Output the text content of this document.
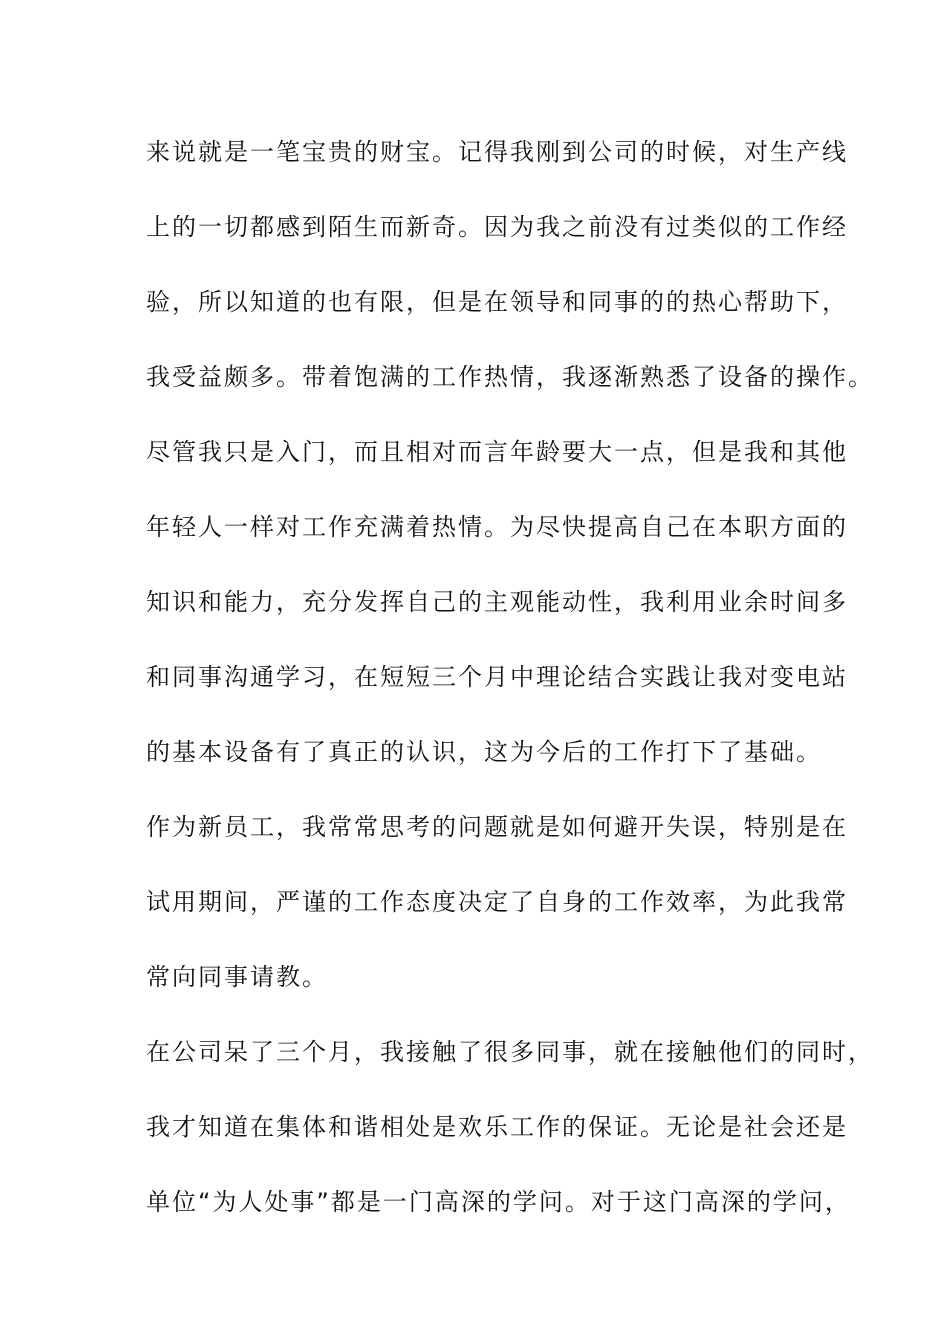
来说就是一笔宝贵的财宝。记得我刚到公司的时候，对生产线
上的一切都感到陌生而新奇。因为我之前没有过类似的工作经
验，所以知道的也有限，但是在领导和同事的的热心帮助下，
我受益颇多。带着饱满的工作热情，我逐渐熟悉了设备的操作。
尽管我只是入门，而且相对而言年龄要大一点，但是我和其他
年轻人一样对工作充满着热情。为尽快提高自己在本职方面的
知识和能力，充分发挥自己的主观能动性，我利用业余时间多
和同事沟通学习，在短短三个月中理论结合实践让我对变电站
的基本设备有了真正的认识，这为今后的工作打下了基础。
作为新员工，我常常思考的问题就是如何避开失误，特别是在
试用期间，严谨的工作态度决定了自身的工作效率，为此我常
常向同事请教。
在公司呆了三个月，我接触了很多同事，就在接触他们的同时，
我才知道在集体和谐相处是欢乐工作的保证。无论是社会还是
单位“为人处事”都是一门高深的学问。对于这门高深的学问，
